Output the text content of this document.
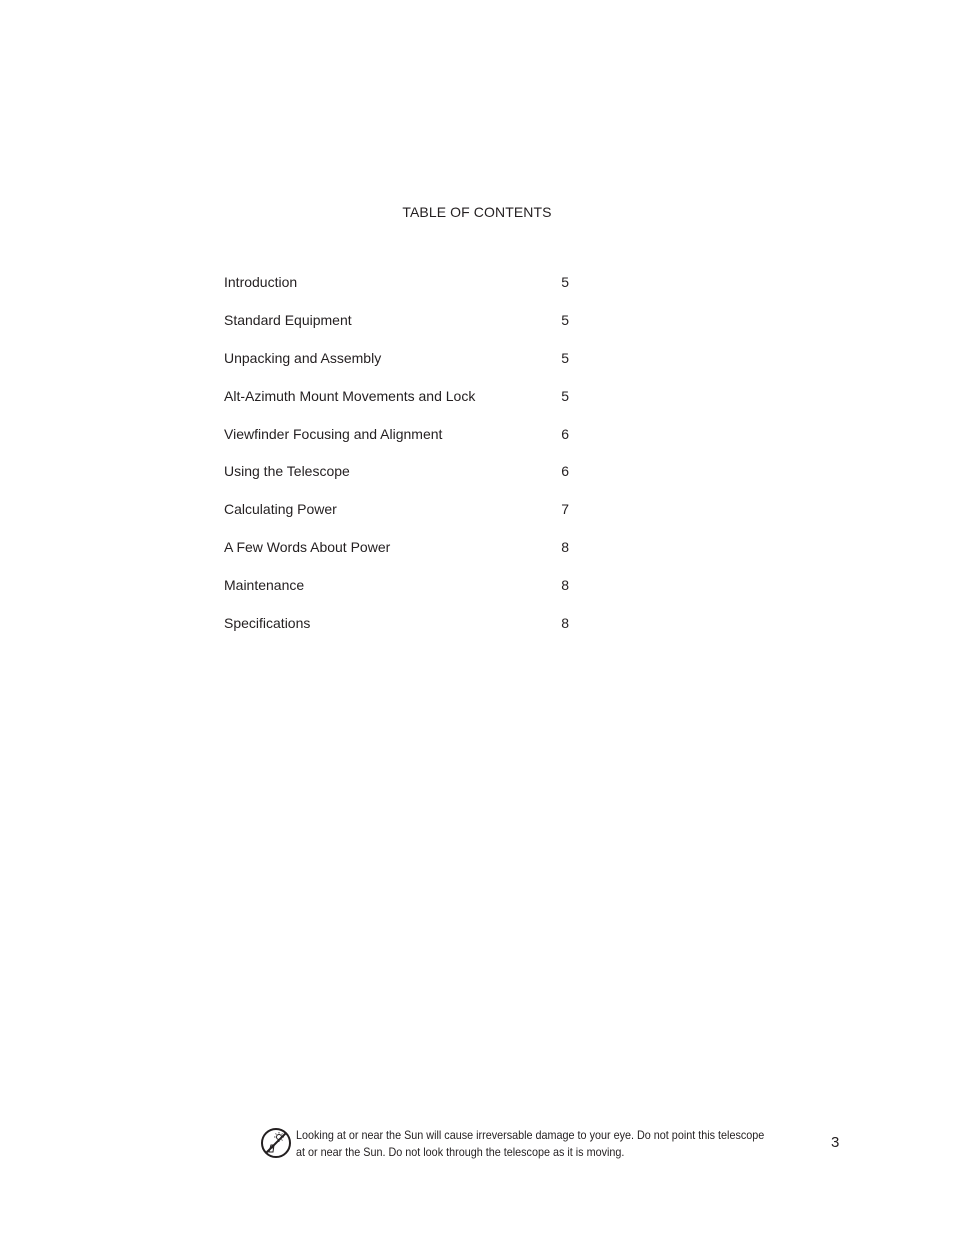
TABLE OF CONTENTS
Introduction	5
Standard Equipment	5
Unpacking and Assembly	5
Alt-Azimuth Mount Movements and Lock	5
Viewfinder Focusing and Alignment	6
Using the Telescope	6
Calculating Power	7
A Few Words About Power	8
Maintenance	8
Specifications	8
Looking at or near the Sun will cause irreversable damage to your eye. Do not point this telescope
at or near the Sun. Do not look through the telescope as it is moving.
3
